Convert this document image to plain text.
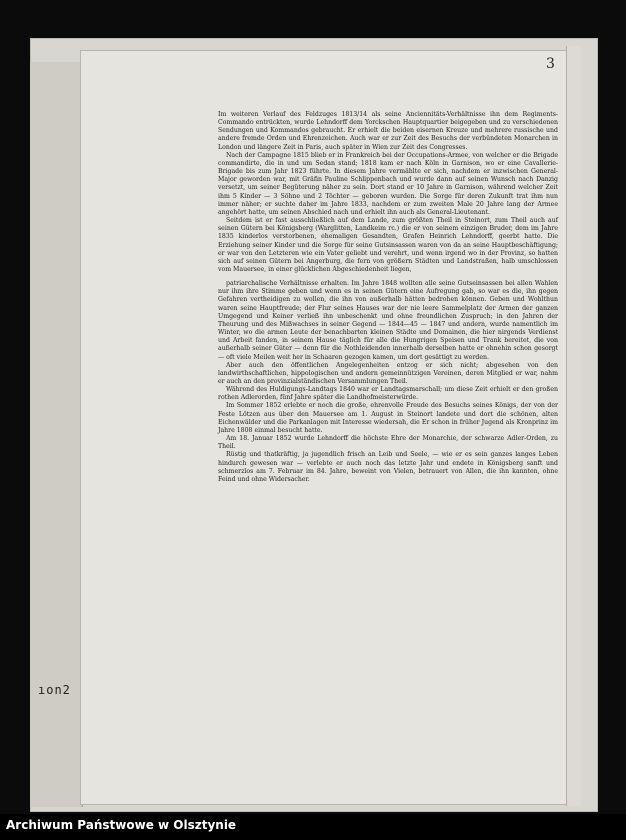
3
ıon2

Im weiteren Verlauf des Feldzuges 1813/14 als seine Anciennitäts-Verhältnisse ihn dem Regiments-Commando entrückten, wurde Lehndorff dem Yorckschen Hauptquartier beigegeben und zu verschiedenen Sendungen und Kommandos gebraucht. Er erhielt die beiden eisernen Kreuze und mehrere russische und andere fremde Orden und Ehrenzeichen. Auch war er zur Zeit des Besuchs der verbündeten Monarchen in London und längere Zeit in Paris, auch später in Wien zur Zeit des Congresses.

Nach der Campagne 1815 blieb er in Frankreich bei der Occupations-Armee, von welcher er die Brigade commandirte, die in und um Sedan stand; 1818 kam er nach Köln in Garnison, wo er eine Cavallerie-Brigade bis zum Jahr 1823 führte. In diesem Jahre vermählte er sich, nachdem er inzwischen General-Major geworden war, mit Gräfin Pauline Schlippenbach und wurde dann auf seinen Wunsch nach Danzig versetzt, um seiner Begüterung näher zu sein. Dort stand er 10 Jahre in Garnison, während welcher Zeit ihm 5 Kinder — 3 Söhne und 2 Töchter — geboren wurden. Die Sorge für deren Zukunft trat ihm nun immer näher; er suchte daher im Jahre 1833, nachdem er zum zweiten Male 20 Jahre lang der Armee angehört hatte, um seinen Abschied nach und erhielt ihn auch als General-Lieutenant.

Seitdem ist er fast ausschließlich auf dem Lande, zum größten Theil in Steinort, zum Theil auch auf seinen Gütern bei Königsberg (Warglitten, Landkeim rc.) die er von seinem einzigen Bruder, dem im Jahre 1835 kinderlos verstorbenen, ehemaligen Gesandten, Grafen Heinrich Lehndorff, geerbt hatte. Die Erziehung seiner Kinder und die Sorge für seine Gutsinsassen waren von da an seine Hauptbeschäftigung; er war von den Letzteren wie ein Vater geliebt und verehrt, und wenn irgend wo in der Provinz, so hatten sich auf seinen Gütern bei Angerburg, die fern von größern Städten und Landstraßen, halb umschlossen vom Mauersee, in einer glücklichen Abgeschiedenheit liegen,

patriarchalische Verhältnisse erhalten. Im Jahre 1848 wollten alle seine Gutseinsassen bei allen Wahlen nur ihm ihre Stimme geben und wenn es in seinen Gütern eine Aufregung gab, so war es die, ihn gegen Gefahren vertheidigen zu wollen, die ihn von außerhalb hätten bedrohen können. Geben und Wohlthun waren seine Hauptfreude; der Flur seines Hauses war der nie leere Sammelplatz der Armen der ganzen Umgegend und Keiner verließ ihn unbeschenkt und ohne freundlichen Zuspruch; in den Jahren der Theurung und des Mißwachses in seiner Gegend — 1844—45 — 1847 und andern, wurde namentlich im Winter, wo die armen Leute der benachbarten kleinen Städte und Domainen, die hier nirgends Verdienst und Arbeit fanden, in seinem Hause täglich für alle die Hungrigen Speisen und Trank bereitet, die von außerhalb seiner Güter — denn für die Nothleidenden innerhalb derselben hatte er ohnehin schon gesorgt — oft viele Meilen weit her in Schaaren gezogen kamen, um dort gesättigt zu werden.

Aber auch den öffentlichen Angelegenheiten entzog er sich nicht; abgesehen von den landwirthschaftlichen, hippologischen und andern gemeinnützigen Vereinen, deren Mitglied er war, nahm er auch an den provinzialständischen Versammlungen Theil.

Während des Huldigungs-Landtags 1840 war er Landtagsmarschall; um diese Zeit erhielt er den großen rothen Adlerorden, fünf Jahre später die Landhofmeisterwürde.

Im Sommer 1852 erlebte er noch die große, ehrenvolle Freude des Besuchs seines Königs, der von der Feste Lötzen aus über den Mauersee am 1. August in Steinort landete und dort die schönen, alten Eichenwälder und die Parkanlagen mit Interesse wiedersah, die Er schon in früher Jugend als Kronprinz im Jahre 1808 einmal besucht hatte.

Am 18. Januar 1852 wurde Lehndorff die höchste Ehre der Monarchie, der schwarze Adler-Orden, zu Theil.

Rüstig und thatkräftig, ja jugendlich frisch an Leib und Seele, — wie er es sein ganzes langes Leben hindurch gewesen war — verlebte er auch noch das letzte Jahr und endete in Königsberg sanft und schmerzlos am 7. Februar im 84. Jahre, beweint von Vielen, betrauert von Allen, die ihn kannten, ohne Feind und ohne Widersacher.

Archiwum Państwowe w Olsztynie
